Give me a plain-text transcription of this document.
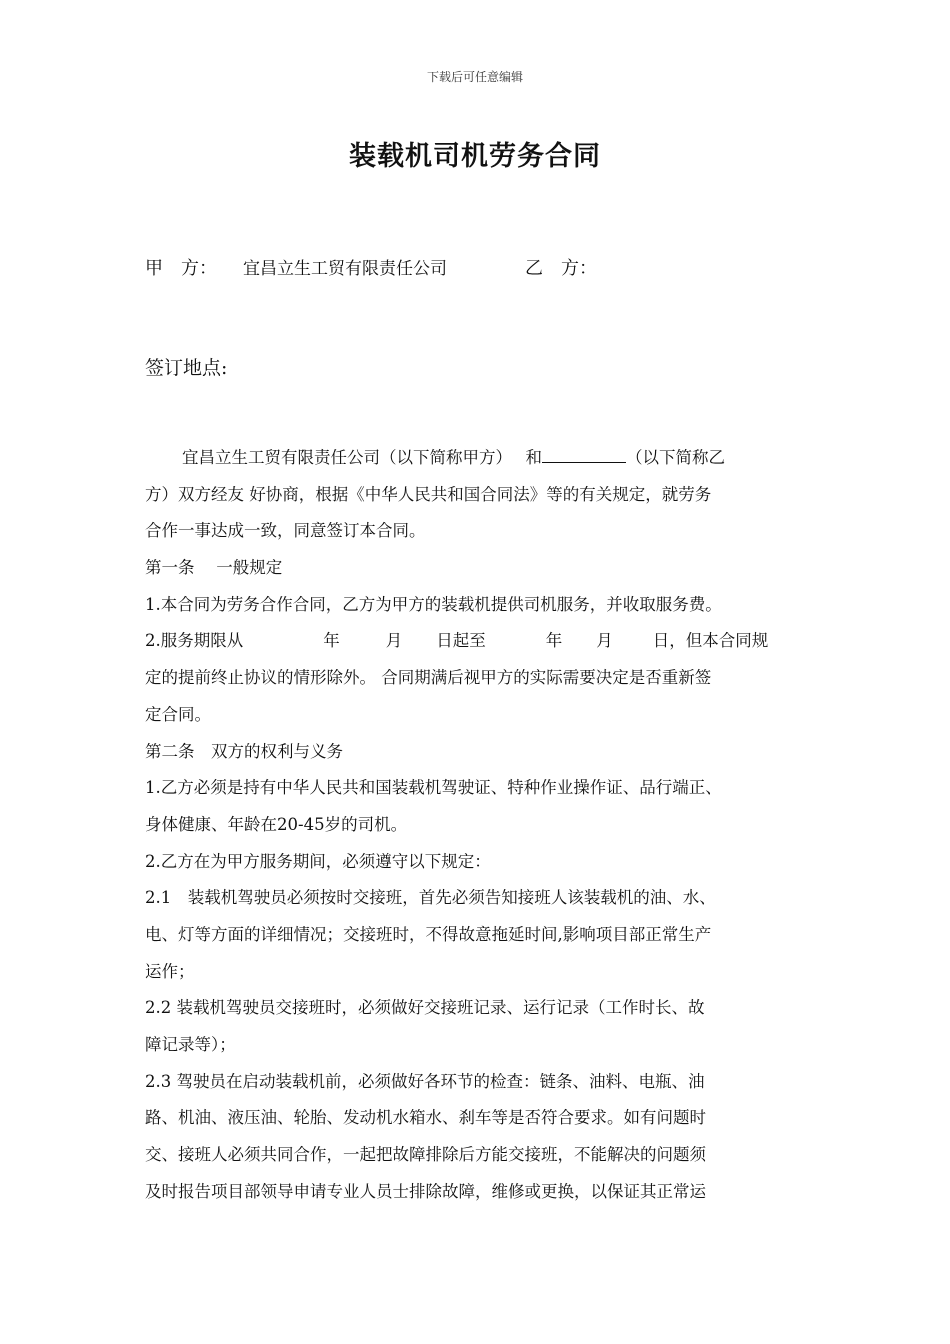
下载后可任意编辑
装载机司机劳务合同
甲　方： 宜昌立生工贸有限责任公司	乙　方：
签订地点:
宜昌立生工贸有限责任公司（以下简称甲方）　 和	（以下简称乙
方）双方经友 好协商，根据《中华人民共和国合同法》等的有关规定，就劳务
合作一事达成一致，同意签订本合同。
第一条　 一般规定
1.本合同为劳务合作合同，乙方为甲方的装载机提供司机服务，并收取服务费。
2.服务期限从	年	月 日起至	年 月 日，但本合同规
定的提前终止协议的情形除外。 合同期满后视甲方的实际需要决定是否重新签
定合同。
第二条　双方的权利与义务
1.乙方必须是持有中华人民共和国装载机驾驶证、特种作业操作证、品行端正、
身体健康、年龄在20-45岁的司机。
2.乙方在为甲方服务期间，必须遵守以下规定：
2.1　装载机驾驶员必须按时交接班，首先必须告知接班人该装载机的油、水、
电、灯等方面的详细情况；交接班时，不得故意拖延时间,影响项目部正常生产
运作；
2.2 装载机驾驶员交接班时，必须做好交接班记录、运行记录（工作时长、故
障记录等）；
2.3 驾驶员在启动装载机前，必须做好各环节的检查：链条、油料、电瓶、油
路、机油、液压油、轮胎、发动机水箱水、刹车等是否符合要求。如有问题时
交、接班人必须共同合作，一起把故障排除后方能交接班，不能解决的问题须
及时报告项目部领导申请专业人员士排除故障，维修或更换，以保证其正常运
